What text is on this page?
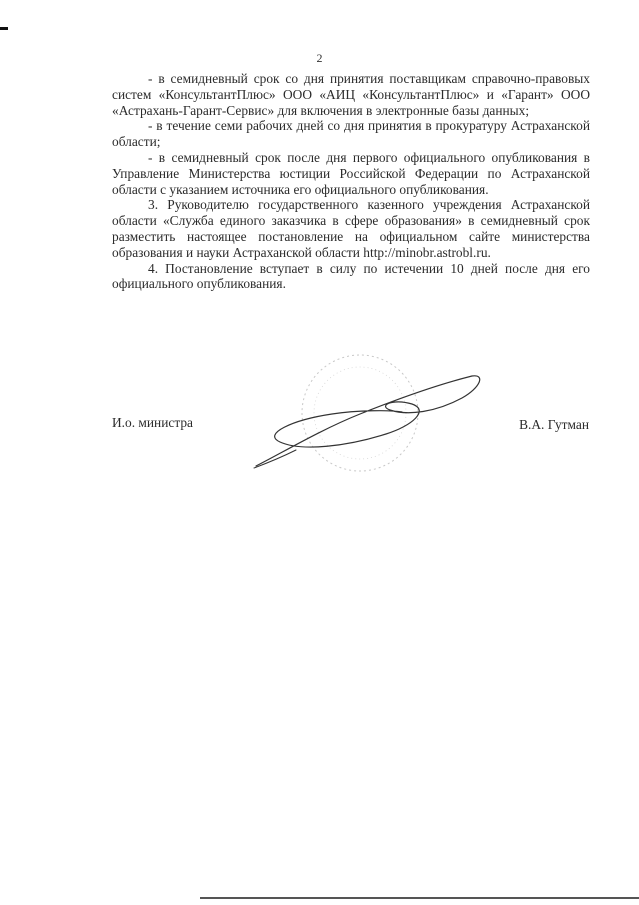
2

- в семидневный срок со дня принятия поставщикам справочно-правовых систем «КонсультантПлюс» ООО «АИЦ «КонсультантПлюс» и «Гарант» ООО «Астрахань-Гарант-Сервис» для включения в электронные базы данных;

- в течение семи рабочих дней со дня принятия в прокуратуру Астраханской области;

- в семидневный срок после дня первого официального опубликования в Управление Министерства юстиции Российской Федерации по Астраханской области с указанием источника его официального опубликования.

3. Руководителю государственного казенного учреждения Астраханской области «Служба единого заказчика в сфере образования» в семидневный срок разместить настоящее постановление на официальном сайте министерства образования и науки Астраханской области http://minobr.astrobl.ru.

4. Постановление вступает в силу по истечении 10 дней после дня его официального опубликования.

И.о. министра	В.А. Гутман
